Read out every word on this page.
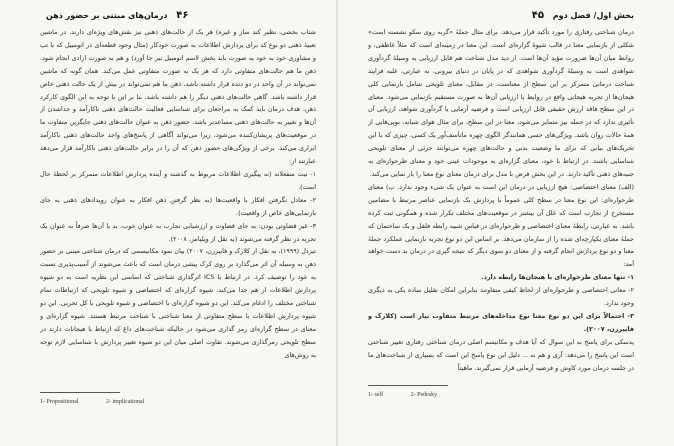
۴۶ درمان‌های مبتنی بر حضور ذهن

شتاب بخشی، نظیر کند ساز و غیره) هر یک از حالت‌های ذهنی نیز نقش‌های ویژه‌ای دارند. در ماشین تعبیهٔ ذهنی دو نوع کد برای پردازش اطلاعات به صورت خودکار (مثال وجود قطعه‌ای در اتومبیل که با تپ و مشاوری خود به خود به صورت باید بخش لاسم اتومبیل نیر جا‌ آورد) و هم به صورت ارادی انجام شود. ذهن ما هم حالت‌های متفاوتی دارد که هر یک به صورت متفاوتی عمل می‌کند. همان گونه که ماشین نمی‌تواند در آن واحد در دو دنده قرار داشته باشد، ذهن ما هم نمی‌تواند در بیش از یک حالت ذهنی خاص قرار داشته باشد. گاهی حالت‌های ذهنی دیگر را هم داشته باشد. بنا بر این با توجه به این الگوی کارکرد ذهن، هدف درمان باید کمک به مراجعان برای شناسایی فعالیت حالت‌های ذهنی ناکارآمد و جداشدن از آن‌ها و تغییر به حالت‌های ذهنی مساعدتر باشد. حضور ذهن به عنوان حالت‌های ذهنی جایگزین متفاوت ما در موقعیت‌های پریشان‌کننده می‌شود، زیرا می‌تواند آگاهی از پاسخ‌های واجد حالت‌های ذهنی ناکارآمد ابزاری می‌کند. برخی از ویژگی‌های حضور ذهن که آن را در برابر حالت‌های ذهنی ناکارآمد قرار می‌دهد عبارتند از:

۱- نیت منفعلانه (نه پیگیری اطلاعات مربوط به گذشته و آینده پردازش اطلاعات متمرکز بر لحظهٔ حال است).

۲- معادل نگرفتن افکار با واقعیت‌ها (به نظر گرفتن ذهن افکار به عنوان رویدادهای ذهنی به جای بازنمایی‌های خاص از واقعیت).

۳- غیر قضاوتی بودن: به جای قضاوت و ارزشیابی تجارب به عنوان خوب، بد یا آن‌ها صرفاً به عنوان یک تجربه در نظر گرفته می‌شوند (به نقل از ویلیامز، ۲۰۰۸).

تیزدل (۱۹۹۹)، به نقل از کلارک و فابیرزن، ۲۰۰۷) بیان نمود مکانیسمی که درمان شناختی مبتنی بر حضور ذهن به وسیله آن اثر می‌گذارد بر روی کرک پیشی درمان است که باعث می‌شوند از آسیب‌پذیری نسبت به عود را توصیف کرد. در ارتباط با ICS اثرگذاری شناختی که اساسی این نظریه است به دو شیوه پردازش اطلاعات از هم جدا می‌کند. شیوه گزاره‌ای که اختصاصی و شیوه تلویحی که ارتباطات تمام شناختی مختلف را ادغام می‌کند. این دو شیوه گزاره‌ای با اختصاصی و شیوه تلویحی با کل تجربی. این دو شیوه پردازش اطلاعات با سطح متفاوتی از معنا شناختی با شناخت مرتبط هستند. شیوه گزاره‌ای و معنای در سطح گزاره‌ای رمز گذاری می‌شود در حالیکه شناخت‌های داغ که ارتباط با هیجانات دارند در سطح تلویحی رمزگذاری می‌شوند. تفاوت اصلی میان این دو شیوه تغییر پردازش با شناسایی لازم توجه به روش‌های

1- Propositional	2- implicational
بخش اول/ فصل دوم ۴۵

درمان شناختی رفتاری را مورد تأکید قرار می‌دهد. برای مثال جملهٔ «گربه روی سکو نشسته است» شکلی از بازنمایی معنا در قالب شیوهٔ گزاره‌ای است. این معنا در زمینه‌ای است که مثلاً عاطفی، و روابط میان آن‌ها ضرورت مؤید آن‌ها است. از دید مدل شناخت هم قابل ارزیابی به وسیلهٔ گردآوری شواهدی است به وسیلهٔ گردآوری شواهدی که در پایان در دنیای بیرونی، به عبارتی، غلبه فرایند شناخت درمانی متمرکز بر این سطح از معناست. در مقابل، معنای تلویحی شامل بازنمایی کلی هیجان‌ها از تجربه هیجانی واقع در روابط با ارزیابی آن‌ها به صورت مستقیم بازنمایی می‌شود. معنای در این سطح فاقد ارزش حقیقی قابل ارزیابی است و فرضیه آزمایی یا گردآوری شواهد، ارزیابی آن تأثیری ندارد که در جمله نیز متمایز می‌شود، معنا در این سطح، برای مثال هوای شبانه، بویی‌هایی از همهٔ حالات روان باشد. ویژگی‌های حسی همانندگر الگوی چهره ماتأسف‌آور یک کسی، چیزی که با این تحریک‌های بیانی که برای ما وضعیت بدنی و حالت‌های چهره می‌توانند جزئی از معنای تلویحی شناسایی باشند. در ارتباط با خود، معنای گزاره‌ای به موجودات عینی خود و معنای طرحواره‌ای به جنبه‌های ذهنی تأکید دارند. در این بخش فرض با مدل برای درمان معنای نوع معنا را باز نمایی می‌کند.

(الف) معنای اختصاصی: هیچ ارزیابی در درمان این است به عنوان یک شیء وجود ندارد. ب) معنای طرحواره‌ای: این نوع معنا در سطح کلی عموماً با پردازش یک بازنمایی عناصر مرتبط با مضامین مستخرج از تجارب است که علل آن بیشتر در موقعیت‌های مختلف تکرار شده و همگونی ثبت کرده باشد. به عبارتی، رابطهٔ معنای اختصاصی و طرحواره‌ای در قیاس شبیه رابطه فلفل و یک ساختمان که جملهٔ معنای یکپارچه‌ای شده را از سازمان می‌دهد. بر اساس این دو نوع تجربه بازنمایی عملکرد جملهٔ معنا و دو نوع پردازش انجام گرفته و از معنای دو سوی دیگر که نتیجه گیری در درمان بد دست خواهد آمد:

۱- تنها معنای طرحواره‌ای با هیجان‌ها رابطه دارد.

۲- معانی اختصاصی و طرحواره‌ای از لحاظ کیفی متفاوتند بنابراین امکان تقلیل ساده یکی به دیگری وجود ندارد.

۳- احتمالاً برای این دو نوع معنا نوع مداخله‌های مرتبط متفاوت نیاز است (کلارک و فابیرزن، ۲۰۰۷).

پدسکی برای پاسخ به این سوال که آیا هدف و مکانیسم اصلی درمان شناختی رفتاری تغییر شناختی است این پاسخ را می‌دهد: آری و هم نه ... دلیل این نوع پاسخ این است که بسیاری از شناخت‌های ما در جلسه درمان مورد کاوش و فرضیه آزمایی قرار نمی‌گیرند. ماهیتاً

1- self	2- Pedesky
